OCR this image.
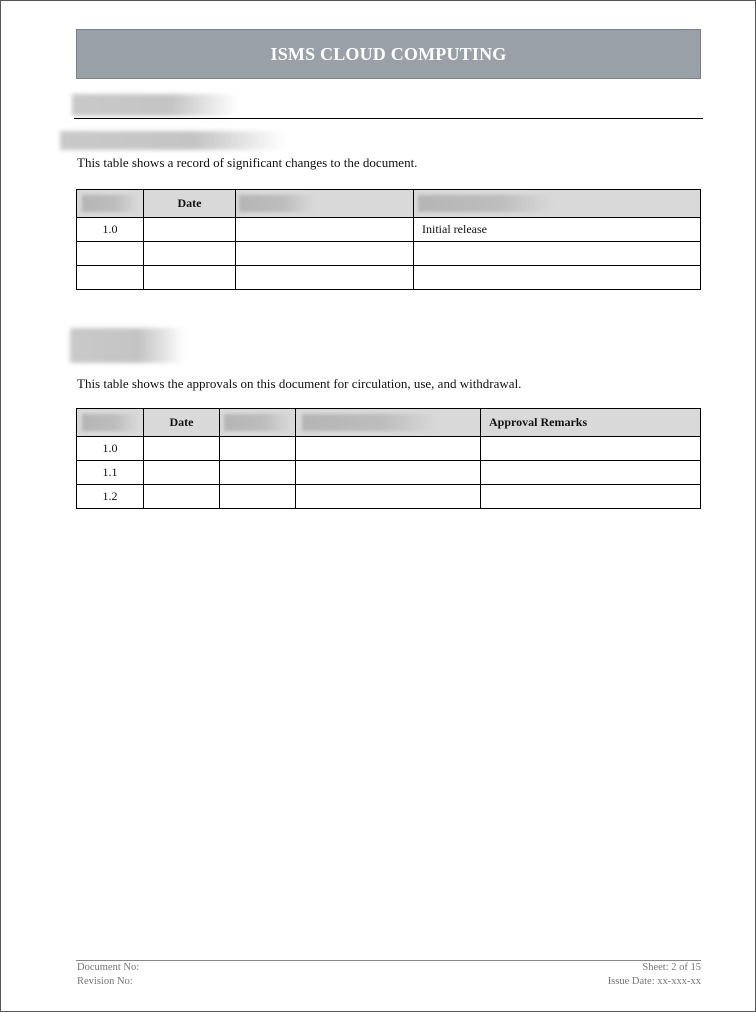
ISMS CLOUD COMPUTING
This table shows a record of significant changes to the document.
	Date	

1.0			Initial release

This table shows the approvals on this document for circulation, use, and withdrawal.
	Date			Approval Remarks
1.0				
1.1				
1.2				
Document No:
Revision No:
Sheet: 2 of 15
Issue Date: xx-xxx-xx
